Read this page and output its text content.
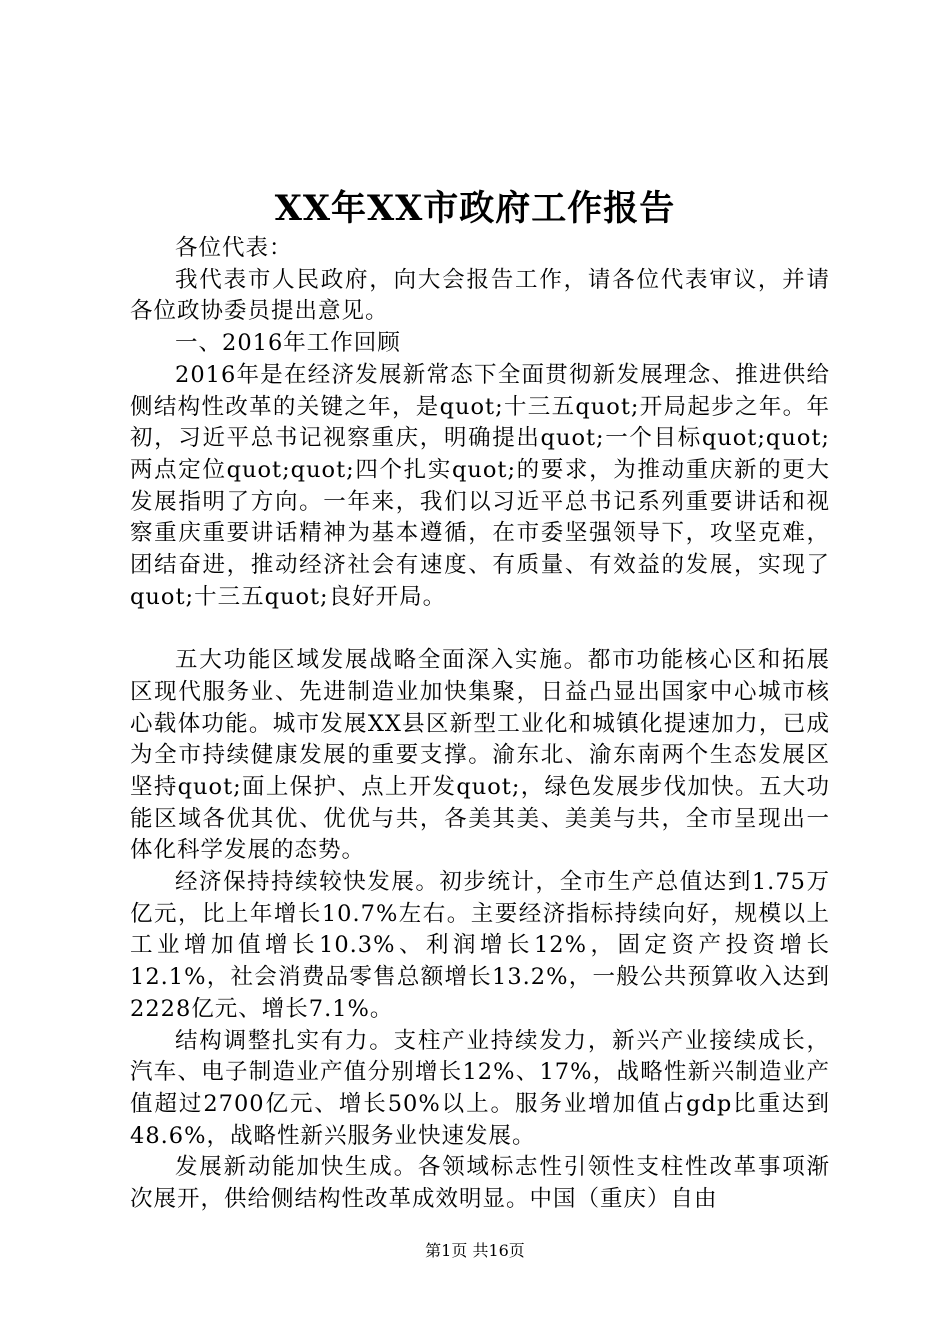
XX年XX市政府工作报告

各位代表：

我代表市人民政府，向大会报告工作，请各位代表审议，并请各位政协委员提出意见。

一、2016年工作回顾

2016年是在经济发展新常态下全面贯彻新发展理念、推进供给侧结构性改革的关键之年，是quot;十三五quot;开局起步之年。年初，习近平总书记视察重庆，明确提出quot;一个目标quot;quot;两点定位quot;quot;四个扎实quot;的要求，为推动重庆新的更大发展指明了方向。一年来，我们以习近平总书记系列重要讲话和视察重庆重要讲话精神为基本遵循，在市委坚强领导下，攻坚克难，团结奋进，推动经济社会有速度、有质量、有效益的发展，实现了quot;十三五quot;良好开局。

五大功能区域发展战略全面深入实施。都市功能核心区和拓展区现代服务业、先进制造业加快集聚，日益凸显出国家中心城市核心载体功能。城市发展XX县区新型工业化和城镇化提速加力，已成为全市持续健康发展的重要支撑。渝东北、渝东南两个生态发展区坚持quot;面上保护、点上开发quot;，绿色发展步伐加快。五大功能区域各优其优、优优与共，各美其美、美美与共，全市呈现出一体化科学发展的态势。

经济保持持续较快发展。初步统计，全市生产总值达到1.75万亿元，比上年增长10.7%左右。主要经济指标持续向好，规模以上工业增加值增长10.3%、利润增长12%，固定资产投资增长12.1%，社会消费品零售总额增长13.2%，一般公共预算收入达到2228亿元、增长7.1%。

结构调整扎实有力。支柱产业持续发力，新兴产业接续成长，汽车、电子制造业产值分别增长12%、17%，战略性新兴制造业产值超过2700亿元、增长50%以上。服务业增加值占gdp比重达到48.6%，战略性新兴服务业快速发展。

发展新动能加快生成。各领域标志性引领性支柱性改革事项渐次展开，供给侧结构性改革成效明显。中国（重庆）自由

第1页 共16页
